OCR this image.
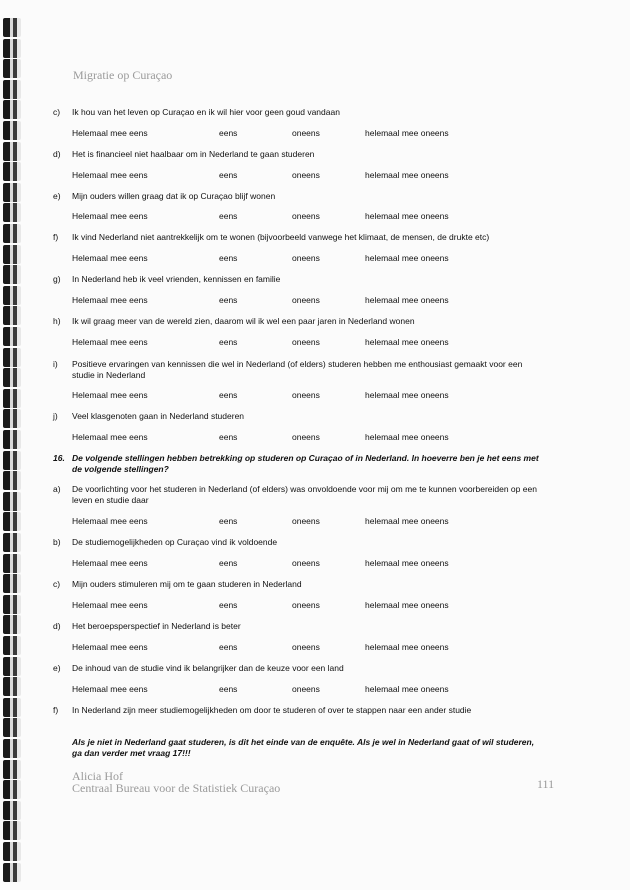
Migratie op Curaçao
c) Ik hou van het leven op Curaçao en ik wil hier voor geen goud vandaan
Helemaal mee eens	eens	oneens	helemaal mee oneens
d) Het is financieel niet haalbaar om in Nederland te gaan studeren
Helemaal mee eens	eens	oneens	helemaal mee oneens
e) Mijn ouders willen graag dat ik op Curaçao blijf wonen
Helemaal mee eens	eens	oneens	helemaal mee oneens
f) Ik vind Nederland niet aantrekkelijk om te wonen (bijvoorbeeld vanwege het klimaat, de mensen, de drukte etc)
Helemaal mee eens	eens	oneens	helemaal mee oneens
g) In Nederland heb ik veel vrienden, kennissen en familie
Helemaal mee eens	eens	oneens	helemaal mee oneens
h) Ik wil graag meer van de wereld zien, daarom wil ik wel een paar jaren in Nederland wonen
Helemaal mee eens	eens	oneens	helemaal mee oneens
i) Positieve ervaringen van kennissen die wel in Nederland (of elders) studeren hebben me enthousiast gemaakt voor een studie in Nederland
Helemaal mee eens	eens	oneens	helemaal mee oneens
j) Veel klasgenoten gaan in Nederland studeren
Helemaal mee eens	eens	oneens	helemaal mee oneens
16. De volgende stellingen hebben betrekking op studeren op Curaçao of in Nederland. In hoeverre ben je het eens met de volgende stellingen?
a) De voorlichting voor het studeren in Nederland (of elders) was onvoldoende voor mij om me te kunnen voorbereiden op een leven en studie daar
Helemaal mee eens	eens	oneens	helemaal mee oneens
b) De studiemogelijkheden op Curaçao vind ik voldoende
Helemaal mee eens	eens	oneens	helemaal mee oneens
c) Mijn ouders stimuleren mij om te gaan studeren in Nederland
Helemaal mee eens	eens	oneens	helemaal mee oneens
d) Het beroepsperspectief in Nederland is beter
Helemaal mee eens	eens	oneens	helemaal mee oneens
e) De inhoud van de studie vind ik belangrijker dan de keuze voor een land
Helemaal mee eens	eens	oneens	helemaal mee oneens
f) In Nederland zijn meer studiemogelijkheden om door te studeren of over te stappen naar een ander studie
Als je niet in Nederland gaat studeren, is dit het einde van de enquête. Als je wel in Nederland gaat of wil studeren, ga dan verder met vraag 17!!!
Alicia Hof
Centraal Bureau voor de Statistiek Curaçao	111
